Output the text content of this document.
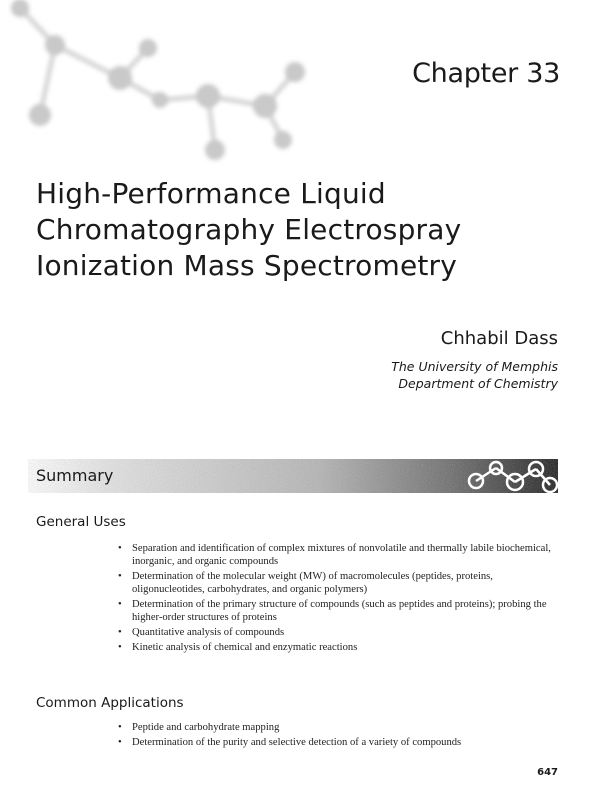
Chapter 33
High-Performance Liquid
Chromatography Electrospray
Ionization Mass Spectrometry
Chhabil Dass
The University of Memphis
Department of Chemistry
Summary
General Uses
• Separation and identification of complex mixtures of nonvolatile and thermally labile biochemical, inorganic, and organic compounds
• Determination of the molecular weight (MW) of macromolecules (peptides, proteins, oligonucleotides, carbohydrates, and organic polymers)
• Determination of the primary structure of compounds (such as peptides and proteins); probing the higher-order structures of proteins
• Quantitative analysis of compounds
• Kinetic analysis of chemical and enzymatic reactions
Common Applications
• Peptide and carbohydrate mapping
• Determination of the purity and selective detection of a variety of compounds
647
